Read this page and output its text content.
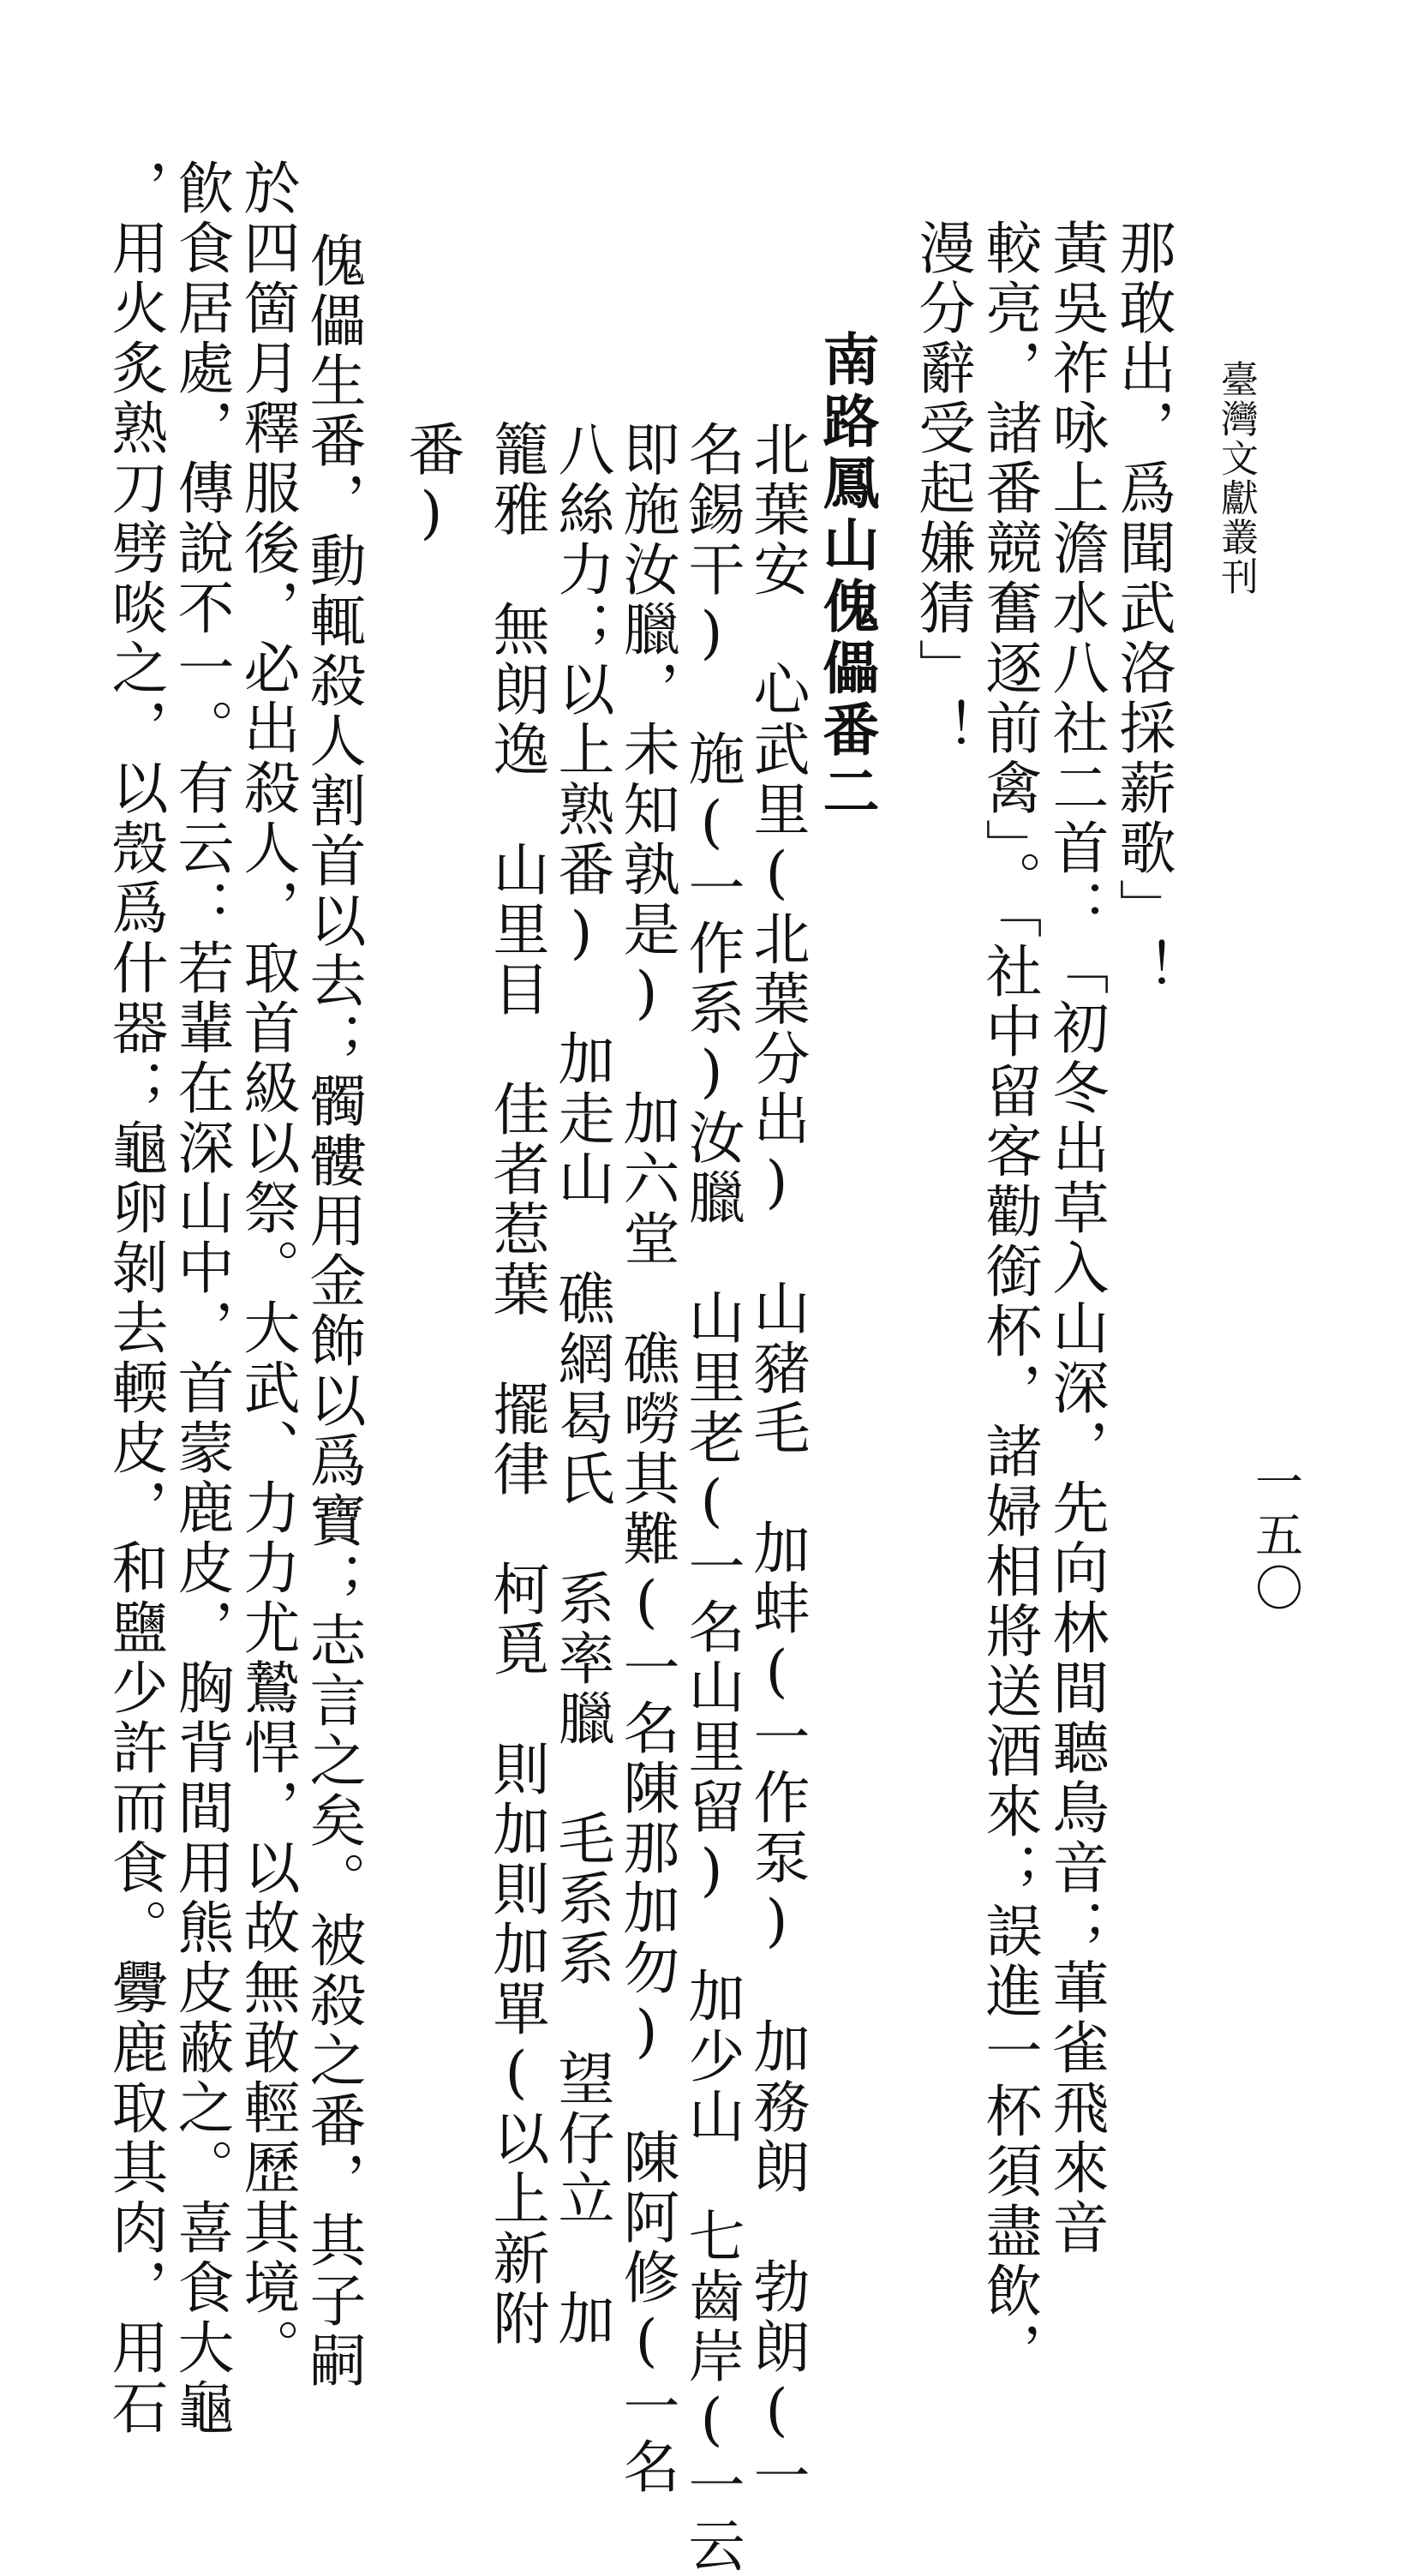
臺灣文獻叢刊
一五〇
那敢出，爲聞武洛採薪歌」！
黃吳祚咏上澹水八社二首：「初冬出草入山深，先向林間聽鳥音；莗雀飛來音
較亮，諸番競奮逐前禽」。「社中留客勸銜杯，諸婦相將送酒來；誤進一杯須盡飲，
漫分辭受起嫌猜」！
南路鳳山傀儡番二
北葉安　心武里(北葉分出)　山豬毛　加蚌(一作泵)　加務朗　勃朗(一
名錫干)　施(一作系)汝臘　山里老(一名山里留)　加少山　七齒岸(一云
即施汝臘，未知孰是)　加六堂　礁嘮其難(一名陳那加勿)　陳阿修(一名
八絲力；以上熟番)　加走山　礁網曷氏　系率臘　毛系系　望仔立　加
籠雅　無朗逸　山里目　佳者惹葉　擺律　柯覓　則加則加單(以上新附
番)
傀儡生番，動輒殺人割首以去；髑髏用金飾以爲寶；志言之矣。被殺之番，其子嗣
於四箇月釋服後，必出殺人，取首級以祭。大武、力力尤鷙悍，以故無敢輕歷其境。
飮食居處，傳說不一。有云：若輩在深山中，首蒙鹿皮，胸背間用熊皮蔽之。喜食大龜
，用火炙熟刀劈啖之，以殼爲什器；龜卵剝去輭皮，和鹽少許而食。釁鹿取其肉，用石
